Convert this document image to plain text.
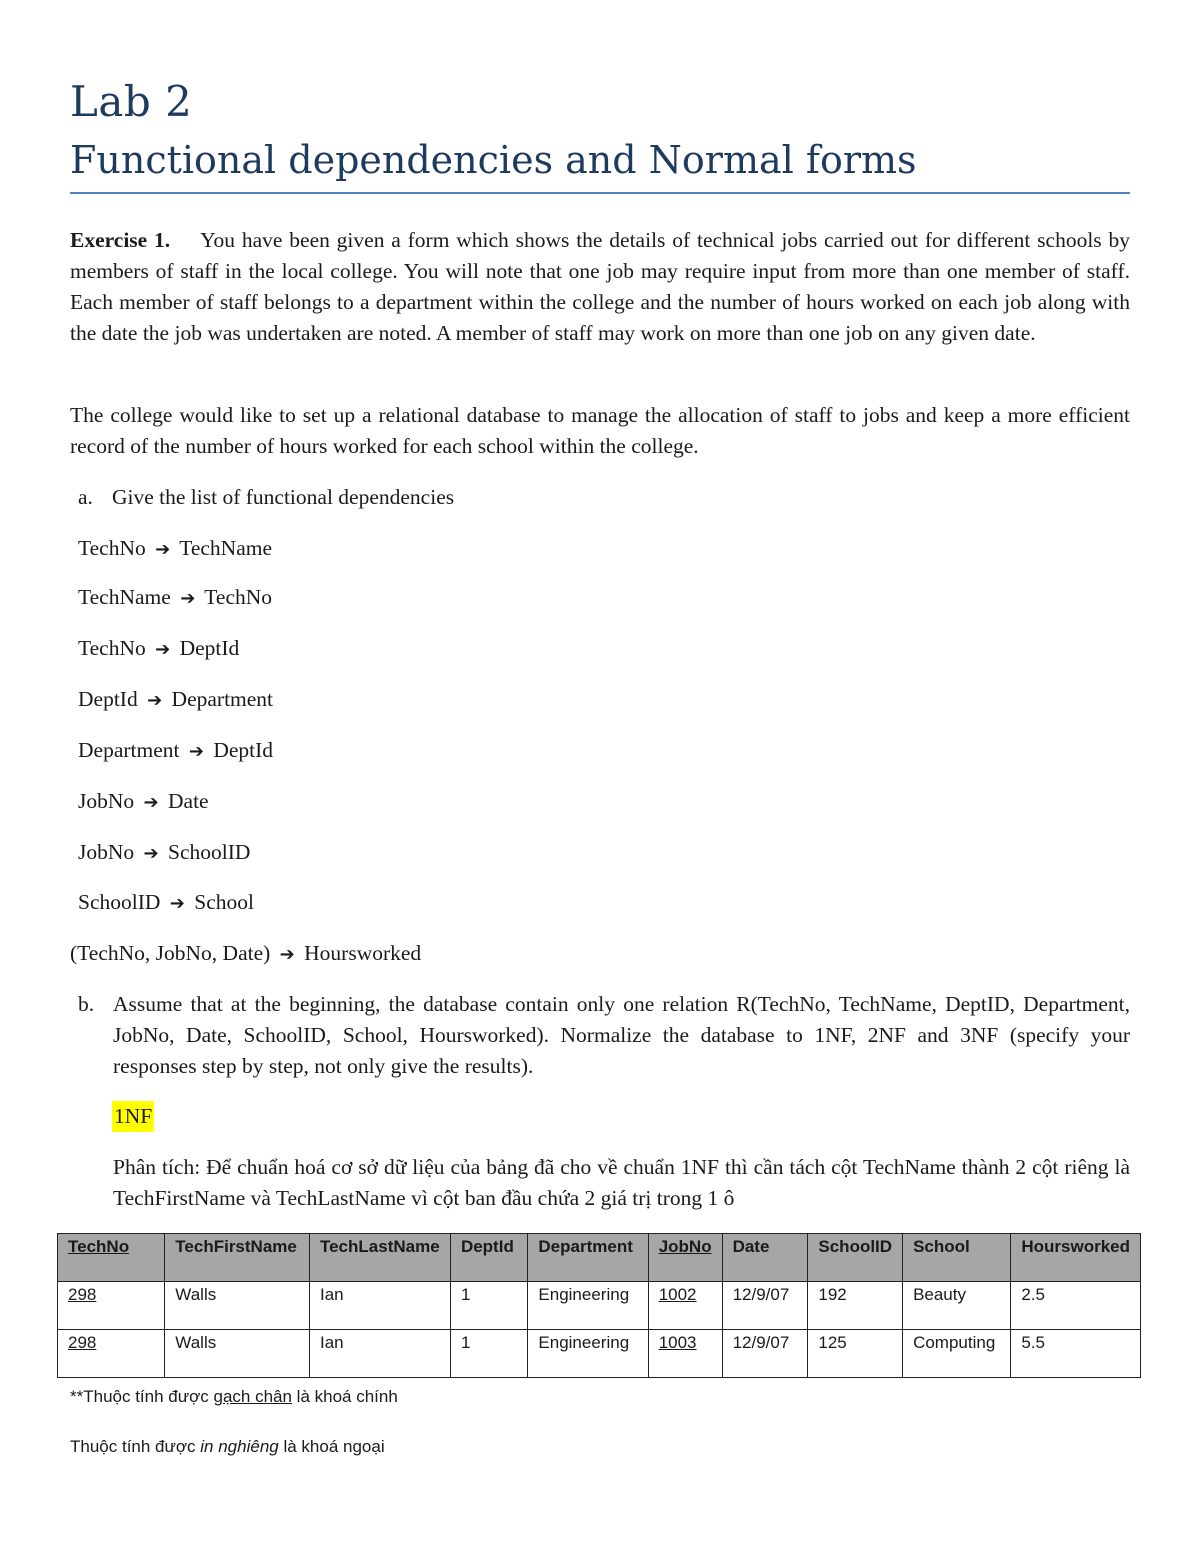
Lab 2
Functional dependencies and Normal forms

Exercise 1. You have been given a form which shows the details of technical jobs carried out for different schools by members of staff in the local college. You will note that one job may require input from more than one member of staff. Each member of staff belongs to a department within the college and the number of hours worked on each job along with the date the job was undertaken are noted. A member of staff may work on more than one job on any given date.

The college would like to set up a relational database to manage the allocation of staff to jobs and keep a more efficient record of the number of hours worked for each school within the college.

a. Give the list of functional dependencies
TechNo ➔ TechName
TechName ➔ TechNo
TechNo ➔ DeptId
DeptId ➔ Department
Department ➔ DeptId
JobNo ➔ Date
JobNo ➔ SchoolID
SchoolID ➔ School
(TechNo, JobNo, Date) ➔ Hoursworked
b. Assume that at the beginning, the database contain only one relation R(TechNo, TechName, DeptID, Department, JobNo, Date, SchoolID, School, Hoursworked). Normalize the database to 1NF, 2NF and 3NF (specify your responses step by step, not only give the results).
1NF
Phân tích: Để chuẩn hoá cơ sở dữ liệu của bảng đã cho về chuẩn 1NF thì cần tách cột TechName thành 2 cột riêng là TechFirstName và TechLastName vì cột ban đầu chứa 2 giá trị trong 1 ô
TechNo	TechFirstName	TechLastName	DeptId	Department	JobNo	Date	SchoolID	School	Hoursworked
298	Walls	Ian	1	Engineering	1002	12/9/07	192	Beauty	2.5
298	Walls	Ian	1	Engineering	1003	12/9/07	125	Computing	5.5
**Thuộc tính được gạch chân là khoá chính
Thuộc tính được in nghiêng là khoá ngoại
